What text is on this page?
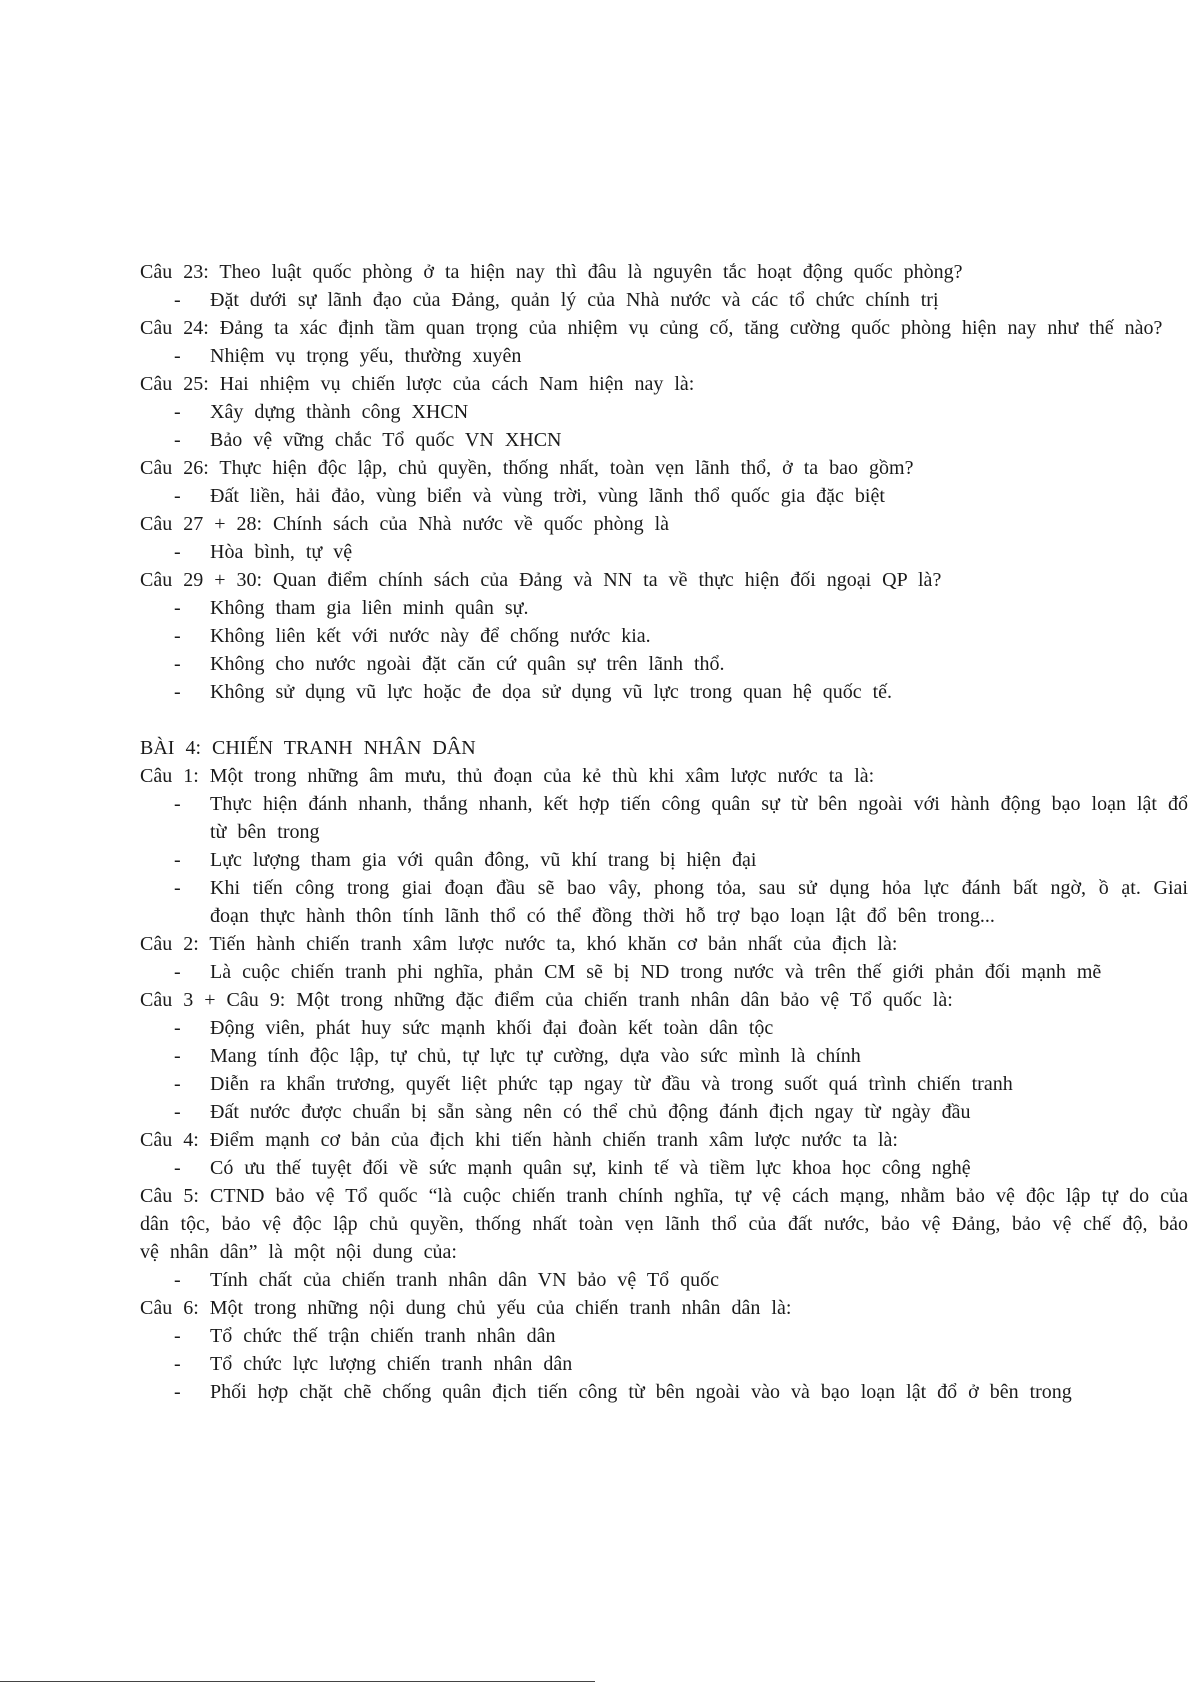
Câu 23: Theo luật quốc phòng ở ta hiện nay thì đâu là nguyên tắc hoạt động quốc phòng?
- Đặt dưới sự lãnh đạo của Đảng, quản lý của Nhà nước và các tổ chức chính trị
Câu 24: Đảng ta xác định tầm quan trọng của nhiệm vụ củng cố, tăng cường quốc phòng hiện nay như thế nào?
- Nhiệm vụ trọng yếu, thường xuyên
Câu 25: Hai nhiệm vụ chiến lược của cách Nam hiện nay là:
- Xây dựng thành công XHCN
- Bảo vệ vững chắc Tổ quốc VN XHCN
Câu 26: Thực hiện độc lập, chủ quyền, thống nhất, toàn vẹn lãnh thổ, ở ta bao gồm?
- Đất liền, hải đảo, vùng biển và vùng trời, vùng lãnh thổ quốc gia đặc biệt
Câu 27 + 28: Chính sách của Nhà nước về quốc phòng là
- Hòa bình, tự vệ
Câu 29 + 30: Quan điểm chính sách của Đảng và NN ta về thực hiện đối ngoại QP là?
- Không tham gia liên minh quân sự.
- Không liên kết với nước này để chống nước kia.
- Không cho nước ngoài đặt căn cứ quân sự trên lãnh thổ.
- Không sử dụng vũ lực hoặc đe dọa sử dụng vũ lực trong quan hệ quốc tế.
BÀI 4: CHIẾN TRANH NHÂN DÂN
Câu 1: Một trong những âm mưu, thủ đoạn của kẻ thù khi xâm lược nước ta là:
- Thực hiện đánh nhanh, thắng nhanh, kết hợp tiến công quân sự từ bên ngoài với hành động bạo loạn lật đổ từ bên trong
- Lực lượng tham gia với quân đông, vũ khí trang bị hiện đại
- Khi tiến công trong giai đoạn đầu sẽ bao vây, phong tỏa, sau sử dụng hỏa lực đánh bất ngờ, ồ ạt. Giai đoạn thực hành thôn tính lãnh thổ có thể đồng thời hỗ trợ bạo loạn lật đổ bên trong...
Câu 2: Tiến hành chiến tranh xâm lược nước ta, khó khăn cơ bản nhất của địch là:
- Là cuộc chiến tranh phi nghĩa, phản CM sẽ bị ND trong nước và trên thế giới phản đối mạnh mẽ
Câu 3 + Câu 9: Một trong những đặc điểm của chiến tranh nhân dân bảo vệ Tổ quốc là:
- Động viên, phát huy sức mạnh khối đại đoàn kết toàn dân tộc
- Mang tính độc lập, tự chủ, tự lực tự cường, dựa vào sức mình là chính
- Diễn ra khẩn trương, quyết liệt phức tạp ngay từ đầu và trong suốt quá trình chiến tranh
- Đất nước được chuẩn bị sẵn sàng nên có thể chủ động đánh địch ngay từ ngày đầu
Câu 4: Điểm mạnh cơ bản của địch khi tiến hành chiến tranh xâm lược nước ta là:
- Có ưu thế tuyệt đối về sức mạnh quân sự, kinh tế và tiềm lực khoa học công nghệ
Câu 5: CTND bảo vệ Tổ quốc “là cuộc chiến tranh chính nghĩa, tự vệ cách mạng, nhằm bảo vệ độc lập tự do của dân tộc, bảo vệ độc lập chủ quyền, thống nhất toàn vẹn lãnh thổ của đất nước, bảo vệ Đảng, bảo vệ chế độ, bảo vệ nhân dân” là một nội dung của:
- Tính chất của chiến tranh nhân dân VN bảo vệ Tổ quốc
Câu 6: Một trong những nội dung chủ yếu của chiến tranh nhân dân là:
- Tổ chức thế trận chiến tranh nhân dân
- Tổ chức lực lượng chiến tranh nhân dân
- Phối hợp chặt chẽ chống quân địch tiến công từ bên ngoài vào và bạo loạn lật đổ ở bên trong
